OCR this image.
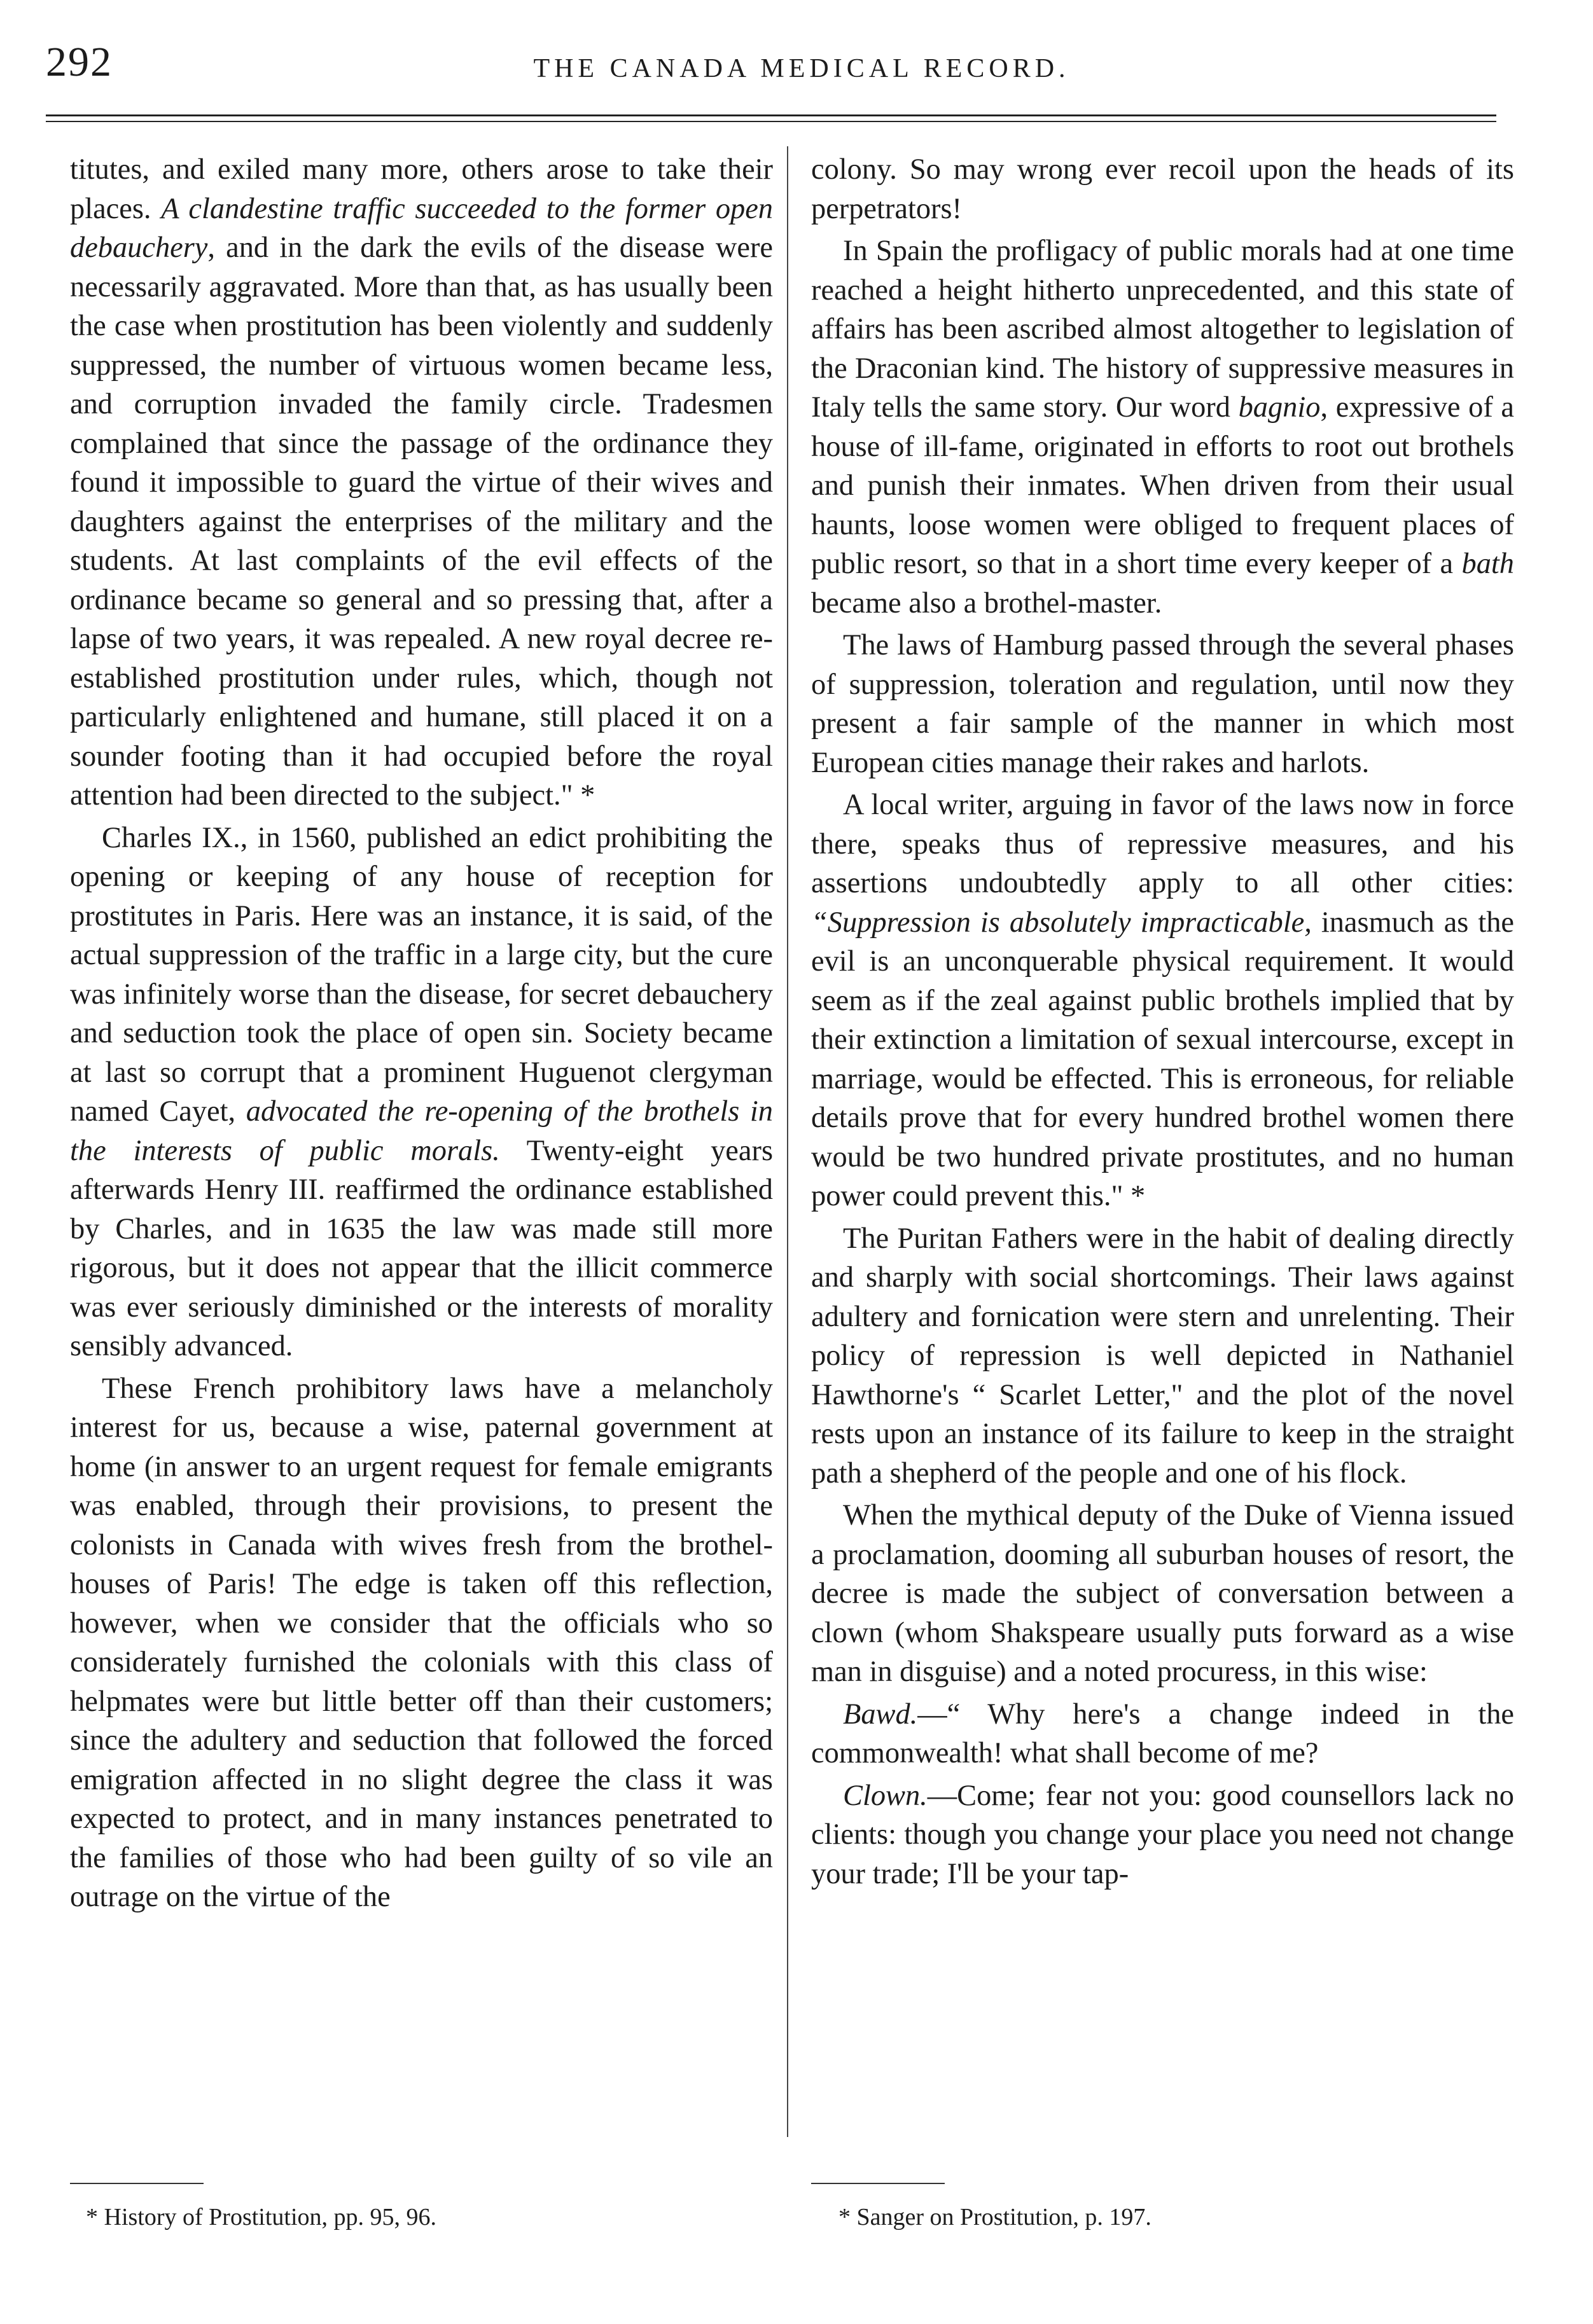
292	THE CANADA MEDICAL RECORD.

titutes, and exiled many more, others arose to take their places. A clandestine traffic succeeded to the former open debauchery, and in the dark the evils of the disease were necessarily aggravated. More than that, as has usually been the case when prostitution has been violently and suddenly suppressed, the number of virtuous women became less, and corruption invaded the family circle. Tradesmen complained that since the passage of the ordinance they found it impossible to guard the virtue of their wives and daughters against the enterprises of the military and the students. At last complaints of the evil effects of the ordinance became so general and so pressing that, after a lapse of two years, it was repealed. A new royal decree re-established prostitution under rules, which, though not particularly enlightened and humane, still placed it on a sounder footing than it had occupied before the royal attention had been directed to the subject." *

Charles IX., in 1560, published an edict prohibiting the opening or keeping of any house of reception for prostitutes in Paris. Here was an instance, it is said, of the actual suppression of the traffic in a large city, but the cure was infinitely worse than the disease, for secret debauchery and seduction took the place of open sin. Society became at last so corrupt that a prominent Huguenot clergyman named Cayet, advocated the re-opening of the brothels in the interests of public morals. Twenty-eight years afterwards Henry III. reaffirmed the ordinance established by Charles, and in 1635 the law was made still more rigorous, but it does not appear that the illicit commerce was ever seriously diminished or the interests of morality sensibly advanced.

These French prohibitory laws have a melancholy interest for us, because a wise, paternal government at home (in answer to an urgent request for female emigrants was enabled, through their provisions, to present the colonists in Canada with wives fresh from the brothel-houses of Paris! The edge is taken off this reflection, however, when we consider that the officials who so considerately furnished the colonials with this class of helpmates were but little better off than their customers; since the adultery and seduction that followed the forced emigration affected in no slight degree the class it was expected to protect, and in many instances penetrated to the families of those who had been guilty of so vile an outrage on the virtue of the

colony. So may wrong ever recoil upon the heads of its perpetrators!

In Spain the profligacy of public morals had at one time reached a height hitherto unprecedented, and this state of affairs has been ascribed almost altogether to legislation of the Draconian kind. The history of suppressive measures in Italy tells the same story. Our word bagnio, expressive of a house of ill-fame, originated in efforts to root out brothels and punish their inmates. When driven from their usual haunts, loose women were obliged to frequent places of public resort, so that in a short time every keeper of a bath became also a brothel-master.

The laws of Hamburg passed through the several phases of suppression, toleration and regulation, until now they present a fair sample of the manner in which most European cities manage their rakes and harlots.

A local writer, arguing in favor of the laws now in force there, speaks thus of repressive measures, and his assertions undoubtedly apply to all other cities: “Suppression is absolutely impracticable, inasmuch as the evil is an unconquerable physical requirement. It would seem as if the zeal against public brothels implied that by their extinction a limitation of sexual intercourse, except in marriage, would be effected. This is erroneous, for reliable details prove that for every hundred brothel women there would be two hundred private prostitutes, and no human power could prevent this." *

The Puritan Fathers were in the habit of dealing directly and sharply with social shortcomings. Their laws against adultery and fornication were stern and unrelenting. Their policy of repression is well depicted in Nathaniel Hawthorne's “ Scarlet Letter," and the plot of the novel rests upon an instance of its failure to keep in the straight path a shepherd of the people and one of his flock.

When the mythical deputy of the Duke of Vienna issued a proclamation, dooming all suburban houses of resort, the decree is made the subject of conversation between a clown (whom Shakspeare usually puts forward as a wise man in disguise) and a noted procuress, in this wise:

Bawd.—“ Why here's a change indeed in the commonwealth! what shall become of me?

Clown.—Come; fear not you: good counsellors lack no clients: though you change your place you need not change your trade; I'll be your tap-

* History of Prostitution, pp. 95, 96.	* Sanger on Prostitution, p. 197.
